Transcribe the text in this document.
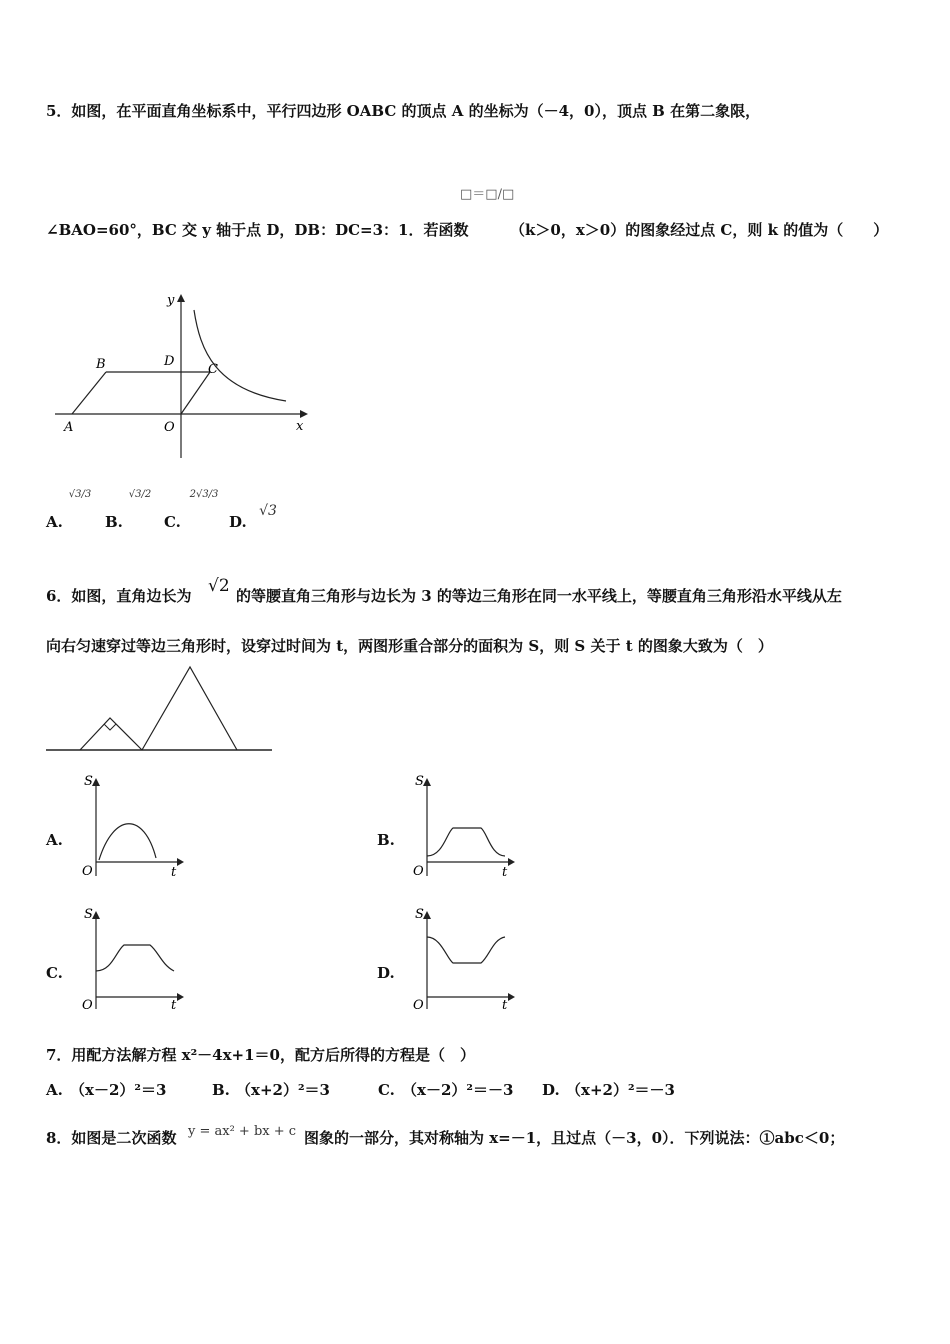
5．如图，在平面直角坐标系中，平行四边形 OABC 的顶点 A 的坐标为（－4，0），顶点 B 在第二象限，
□＝□/□
∠BAO=60°，BC 交 y 轴于点 D，DB：DC=3：1．若函数	（k＞0，x＞0）的图象经过点 C，则 k 的值为（　　）
y
x
B	D
C
A	O
A.
√3/3
B.
√3/2
C.
2√3/3
D.
√3
6．如图，直角边长为 √2 的等腰直角三角形与边长为 3 的等边三角形在同一水平线上，等腰直角三角形沿水平线从左
向右匀速穿过等边三角形时，设穿过时间为 t，两图形重合部分的面积为 S，则 S 关于 t 的图象大致为（　）
A.
S
O	t
B.
S
O	t
C.
S
O	t
D.
S
O	t
7．用配方法解方程 x²－4x+1＝0，配方后所得的方程是（　）
A. （x－2）²＝3	B. （x+2）²＝3	C. （x－2）²＝－3 D. （x+2）²＝－3
8．如图是二次函数 y = ax² + bx + c 图象的一部分，其对称轴为 x=－1，且过点（－3，0）．下列说法：①abc＜0；
